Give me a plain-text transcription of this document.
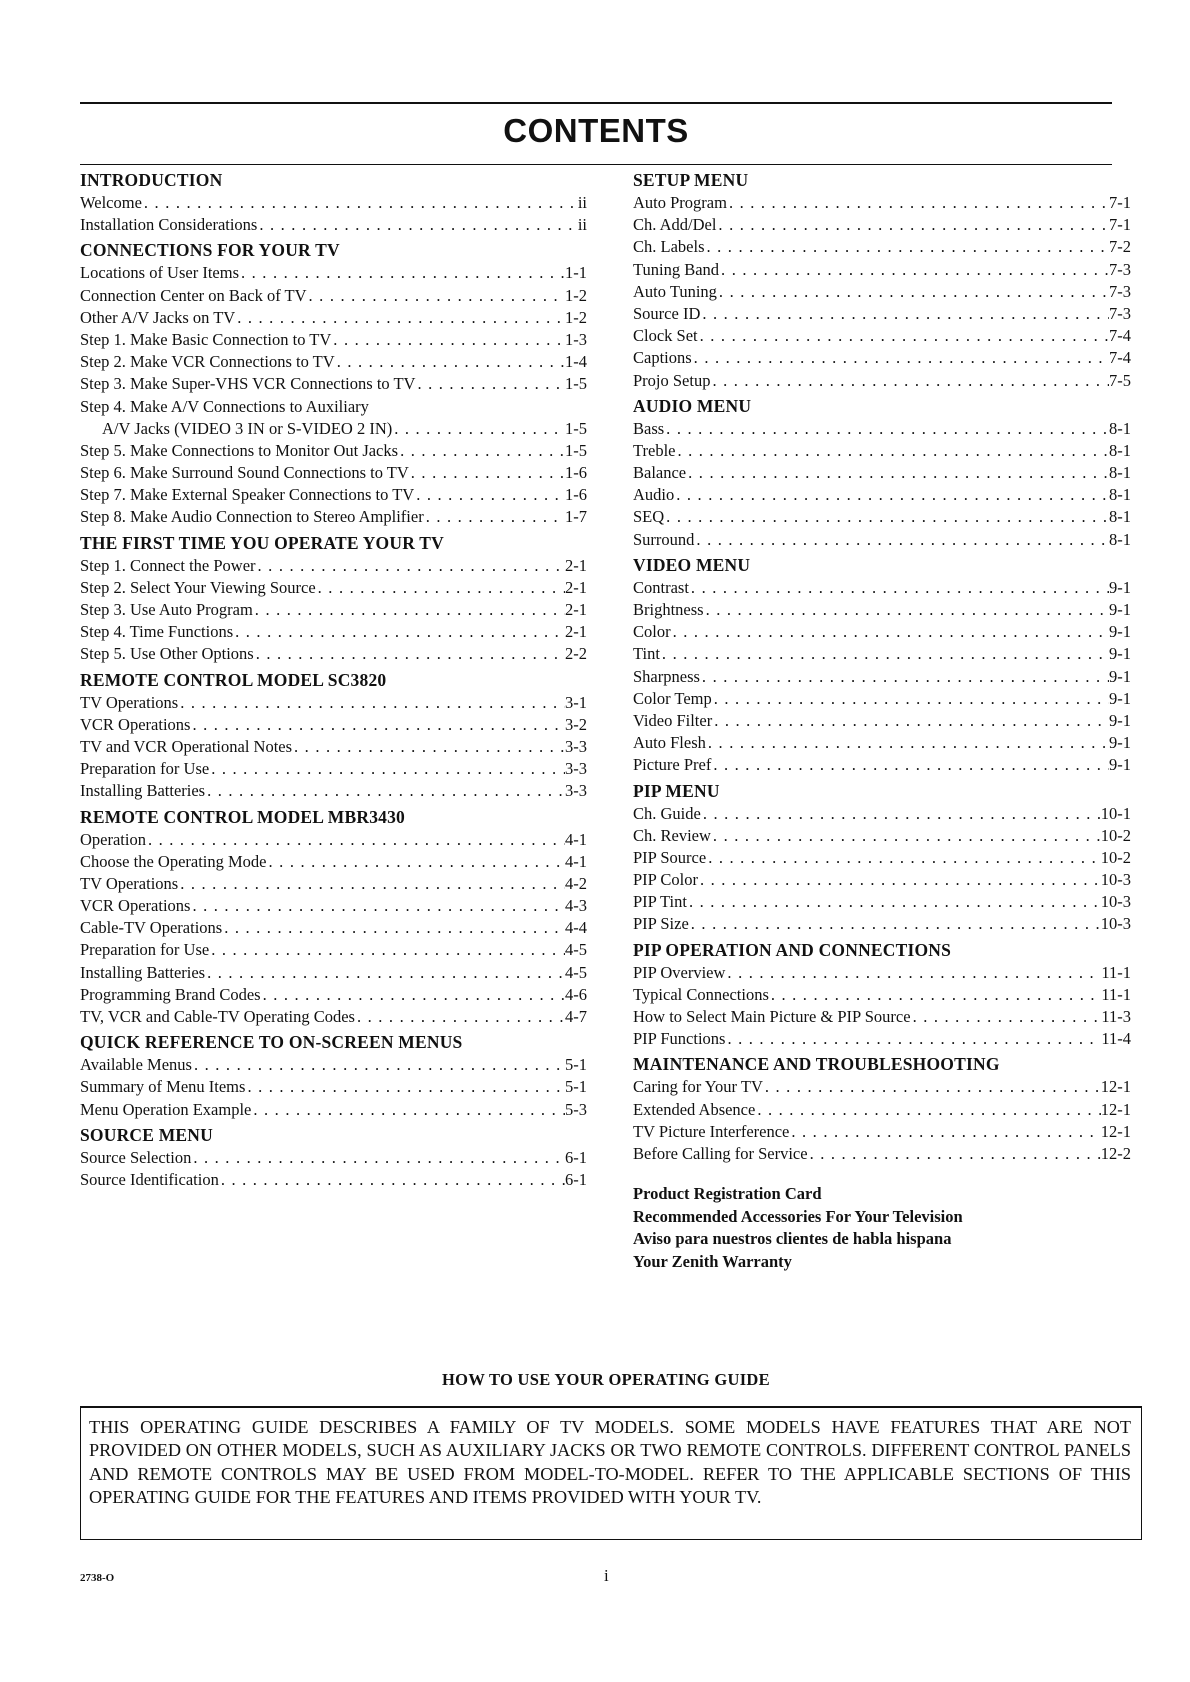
CONTENTS
INTRODUCTION
Welcome . . .	ii
Installation Considerations . . .	ii
CONNECTIONS FOR YOUR TV
Locations of User Items . . .	1-1
Connection Center on Back of TV . . .	1-2
Other A/V Jacks on TV . . .	1-2
Step 1. Make Basic Connection to TV . . .	1-3
Step 2. Make VCR Connections to TV . . .	1-4
Step 3. Make Super-VHS VCR Connections to TV . . .	1-5
Step 4. Make A/V Connections to Auxiliary
A/V Jacks (VIDEO 3 IN or S-VIDEO 2 IN) . . .	1-5
Step 5. Make Connections to Monitor Out Jacks . . .	1-5
Step 6. Make Surround Sound Connections to TV . . .	1-6
Step 7. Make External Speaker Connections to TV . . .	1-6
Step 8. Make Audio Connection to Stereo Amplifier . . .	1-7
THE FIRST TIME YOU OPERATE YOUR TV
Step 1. Connect the Power . . .	2-1
Step 2. Select Your Viewing Source . . .	2-1
Step 3. Use Auto Program . . .	2-1
Step 4. Time Functions . . .	2-1
Step 5. Use Other Options . . .	2-2
REMOTE CONTROL MODEL SC3820
TV Operations . . .	3-1
VCR Operations . . .	3-2
TV and VCR Operational Notes . . .	3-3
Preparation for Use . . .	3-3
Installing Batteries . . .	3-3
REMOTE CONTROL MODEL MBR3430
Operation . . .	4-1
Choose the Operating Mode . . .	4-1
TV Operations . . .	4-2
VCR Operations . . .	4-3
Cable-TV Operations . . .	4-4
Preparation for Use . . .	4-5
Installing Batteries . . .	4-5
Programming Brand Codes . . .	4-6
TV, VCR and Cable-TV Operating Codes . . .	4-7
QUICK REFERENCE TO ON-SCREEN MENUS
Available Menus . . .	5-1
Summary of Menu Items . . .	5-1
Menu Operation Example . . .	5-3
SOURCE MENU
Source Selection . . .	6-1
Source Identification . . .	6-1
SETUP MENU
Auto Program . . .	7-1
Ch. Add/Del . . .	7-1
Ch. Labels . . .	7-2
Tuning Band . . .	7-3
Auto Tuning . . .	7-3
Source ID . . .	7-3
Clock Set . . .	7-4
Captions . . .	7-4
Projo Setup . . .	7-5
AUDIO MENU
Bass . . .	8-1
Treble . . .	8-1
Balance . . .	8-1
Audio . . .	8-1
SEQ . . .	8-1
Surround . . .	8-1
VIDEO MENU
Contrast . . .	9-1
Brightness . . .	9-1
Color . . .	9-1
Tint . . .	9-1
Sharpness . . .	9-1
Color Temp . . .	9-1
Video Filter . . .	9-1
Auto Flesh . . .	9-1
Picture Pref . . .	9-1
PIP MENU
Ch. Guide . . .	10-1
Ch. Review . . .	10-2
PIP Source . . .	10-2
PIP Color . . .	10-3
PIP Tint . . .	10-3
PIP Size . . .	10-3
PIP OPERATION AND CONNECTIONS
PIP Overview . . .	11-1
Typical Connections . . .	11-1
How to Select Main Picture & PIP Source . . .	11-3
PIP Functions . . .	11-4
MAINTENANCE AND TROUBLESHOOTING
Caring for Your TV . . .	12-1
Extended Absence . . .	12-1
TV Picture Interference . . .	12-1
Before Calling for Service . . .	12-2
Product Registration Card
Recommended Accessories For Your Television
Aviso para nuestros clientes de habla hispana
Your Zenith Warranty
HOW TO USE YOUR OPERATING GUIDE
THIS OPERATING GUIDE DESCRIBES A FAMILY OF TV MODELS. SOME MODELS HAVE FEATURES THAT ARE NOT PROVIDED ON OTHER MODELS, SUCH AS AUXILIARY JACKS OR TWO REMOTE CONTROLS. DIFFERENT CONTROL PANELS AND REMOTE CONTROLS MAY BE USED FROM MODEL-TO-MODEL. REFER TO THE APPLICABLE SECTIONS OF THIS OPERATING GUIDE FOR THE FEATURES AND ITEMS PROVIDED WITH YOUR TV.
2738-O	i
